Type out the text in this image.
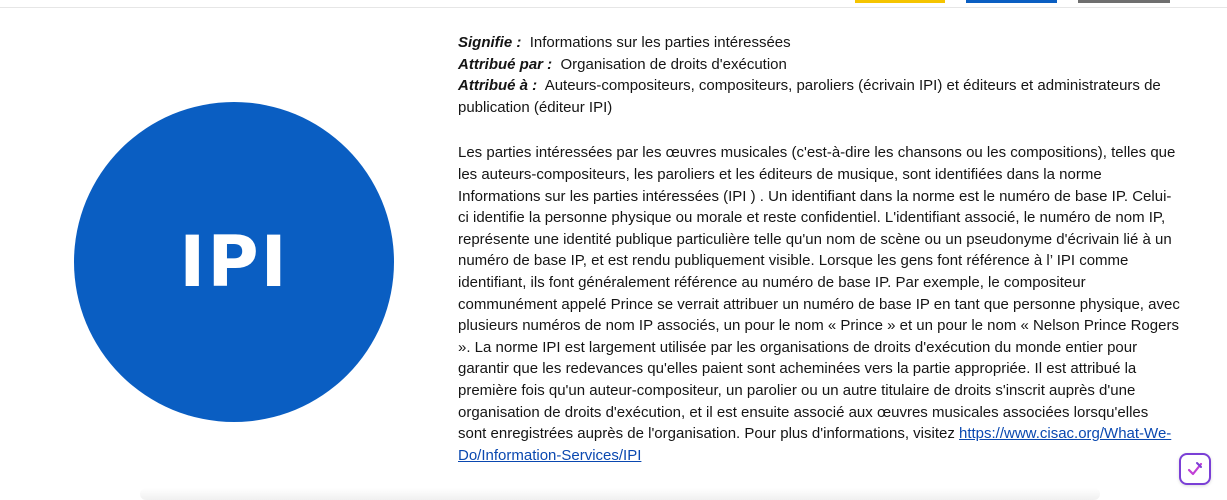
IPI
Signifie : Informations sur les parties intéressées
Attribué par : Organisation de droits d'exécution
Attribué à : Auteurs-compositeurs, compositeurs, paroliers (écrivain IPI) et éditeurs et administrateurs de publication (éditeur IPI)

Les parties intéressées par les œuvres musicales (c'est-à-dire les chansons ou les compositions), telles que les auteurs-compositeurs, les paroliers et les éditeurs de musique, sont identifiées dans la norme Informations sur les parties intéressées (IPI ) . Un identifiant dans la norme est le numéro de base IP. Celui-ci identifie la personne physique ou morale et reste confidentiel. L'identifiant associé, le numéro de nom IP, représente une identité publique particulière telle qu'un nom de scène ou un pseudonyme d'écrivain lié à un numéro de base IP, et est rendu publiquement visible. Lorsque les gens font référence à l’ IPI comme identifiant, ils font généralement référence au numéro de base IP. Par exemple, le compositeur communément appelé Prince se verrait attribuer un numéro de base IP en tant que personne physique, avec plusieurs numéros de nom IP associés, un pour le nom « Prince » et un pour le nom « Nelson Prince Rogers ». La norme IPI est largement utilisée par les organisations de droits d'exécution du monde entier pour garantir que les redevances qu'elles paient sont acheminées vers la partie appropriée. Il est attribué la première fois qu'un auteur-compositeur, un parolier ou un autre titulaire de droits s'inscrit auprès d'une organisation de droits d'exécution, et il est ensuite associé aux œuvres musicales associées lorsqu'elles sont enregistrées auprès de l'organisation. Pour plus d'informations, visitez https://www.cisac.org/What-We-Do/Information-Services/IPI
